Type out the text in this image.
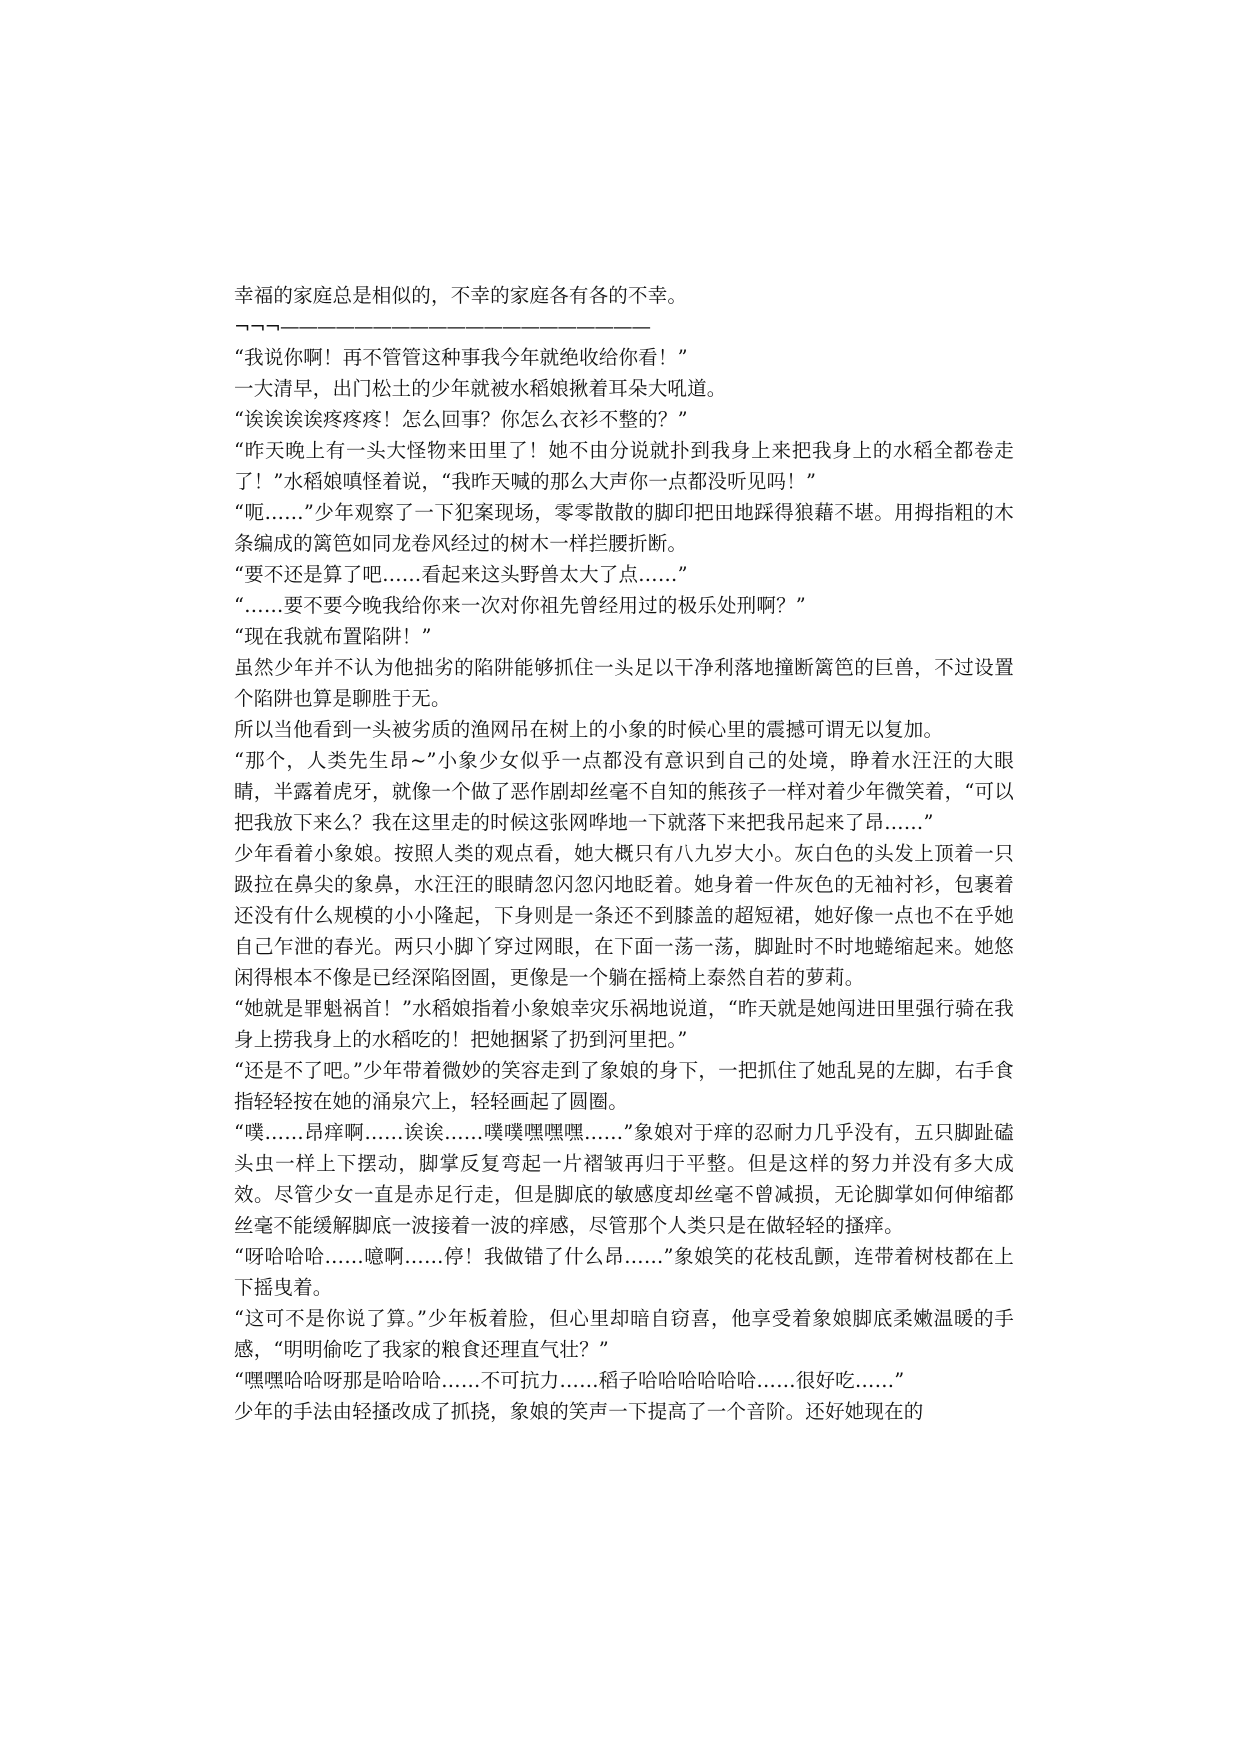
幸福的家庭总是相似的，不幸的家庭各有各的不幸。

¬¬¬————————————————————

“我说你啊！再不管管这种事我今年就绝收给你看！”

一大清早，出门松土的少年就被水稻娘揪着耳朵大吼道。

“诶诶诶诶疼疼疼！怎么回事？你怎么衣衫不整的？”

“昨天晚上有一头大怪物来田里了！她不由分说就扑到我身上来把我身上的水稻全都卷走了！”水稻娘嗔怪着说，“我昨天喊的那么大声你一点都没听见吗！”

“呃……”少年观察了一下犯案现场，零零散散的脚印把田地踩得狼藉不堪。用拇指粗的木条编成的篱笆如同龙卷风经过的树木一样拦腰折断。

“要不还是算了吧……看起来这头野兽太大了点……”

“……要不要今晚我给你来一次对你祖先曾经用过的极乐处刑啊？”

“现在我就布置陷阱！”

虽然少年并不认为他拙劣的陷阱能够抓住一头足以干净利落地撞断篱笆的巨兽，不过设置个陷阱也算是聊胜于无。

所以当他看到一头被劣质的渔网吊在树上的小象的时候心里的震撼可谓无以复加。

“那个，人类先生昂~”小象少女似乎一点都没有意识到自己的处境，睁着水汪汪的大眼睛，半露着虎牙，就像一个做了恶作剧却丝毫不自知的熊孩子一样对着少年微笑着，“可以把我放下来么？我在这里走的时候这张网哗地一下就落下来把我吊起来了昂……”

少年看着小象娘。按照人类的观点看，她大概只有八九岁大小。灰白色的头发上顶着一只趿拉在鼻尖的象鼻，水汪汪的眼睛忽闪忽闪地眨着。她身着一件灰色的无袖衬衫，包裹着还没有什么规模的小小隆起，下身则是一条还不到膝盖的超短裙，她好像一点也不在乎她自己乍泄的春光。两只小脚丫穿过网眼，在下面一荡一荡，脚趾时不时地蜷缩起来。她悠闲得根本不像是已经深陷囹圄，更像是一个躺在摇椅上泰然自若的萝莉。

“她就是罪魁祸首！”水稻娘指着小象娘幸灾乐祸地说道，“昨天就是她闯进田里强行骑在我身上捞我身上的水稻吃的！把她捆紧了扔到河里把。”

“还是不了吧。”少年带着微妙的笑容走到了象娘的身下，一把抓住了她乱晃的左脚，右手食指轻轻按在她的涌泉穴上，轻轻画起了圆圈。

“噗……昂痒啊……诶诶……噗噗嘿嘿嘿……”象娘对于痒的忍耐力几乎没有，五只脚趾磕头虫一样上下摆动，脚掌反复弯起一片褶皱再归于平整。但是这样的努力并没有多大成效。尽管少女一直是赤足行走，但是脚底的敏感度却丝毫不曾减损，无论脚掌如何伸缩都丝毫不能缓解脚底一波接着一波的痒感，尽管那个人类只是在做轻轻的搔痒。

“呀哈哈哈……噫啊……停！我做错了什么昂……”象娘笑的花枝乱颤，连带着树枝都在上下摇曳着。

“这可不是你说了算。”少年板着脸，但心里却暗自窃喜，他享受着象娘脚底柔嫩温暖的手感，“明明偷吃了我家的粮食还理直气壮？”

“嘿嘿哈哈呀那是哈哈哈……不可抗力……稻子哈哈哈哈哈哈……很好吃……”

少年的手法由轻搔改成了抓挠，象娘的笑声一下提高了一个音阶。还好她现在的
